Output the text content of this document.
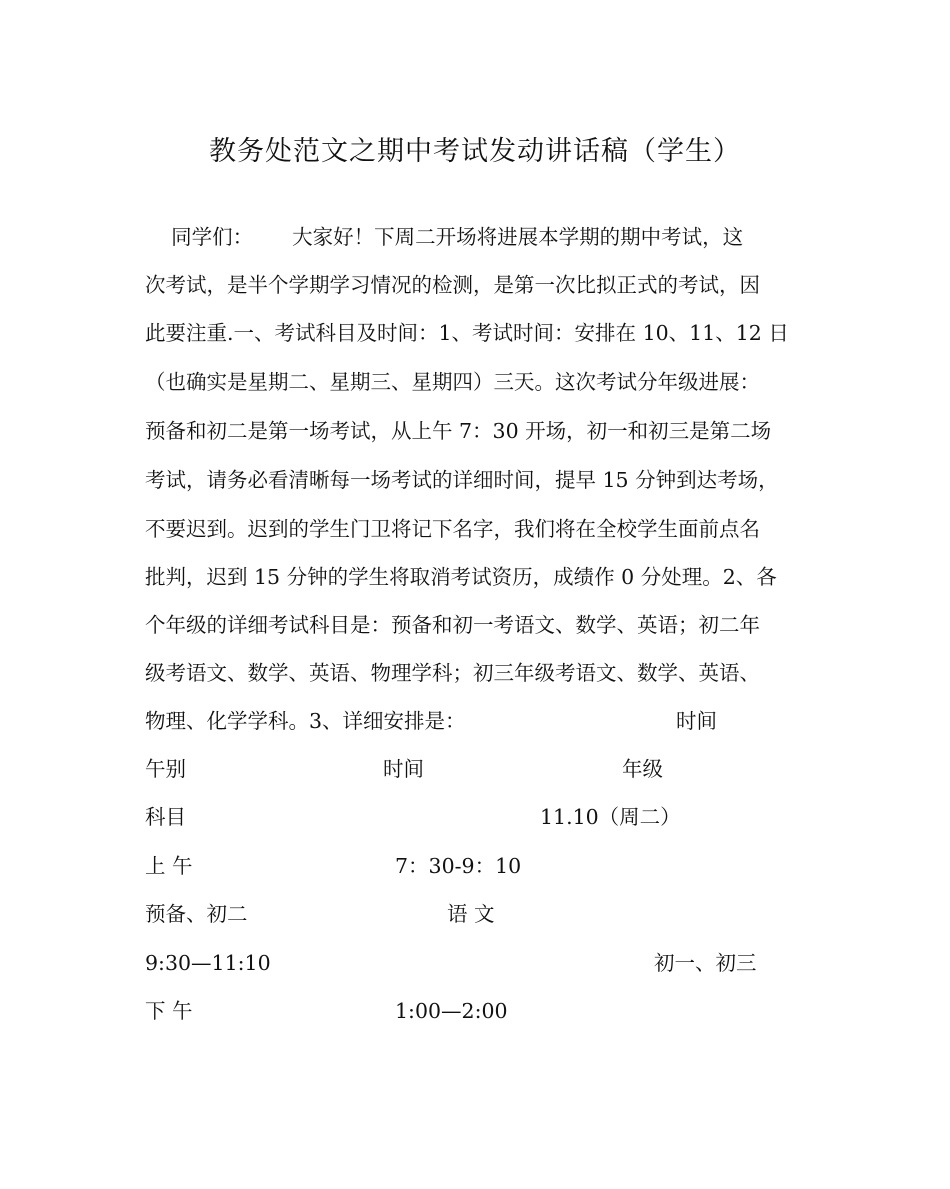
教务处范文之期中考试发动讲话稿（学生）
同学们：      大家好！下周二开场将进展本学期的期中考试，这
次考试，是半个学期学习情况的检测，是第一次比拟正式的考试，因
此要注重.一、考试科目及时间：1、考试时间：安排在 10、11、12 日
（也确实是星期二、星期三、星期四）三天。这次考试分年级进展：
预备和初二是第一场考试，从上午 7：30 开场，初一和初三是第二场
考试，请务必看清晰每一场考试的详细时间，提早 15 分钟到达考场，
不要迟到。迟到的学生门卫将记下名字，我们将在全校学生面前点名
批判，迟到 15 分钟的学生将取消考试资历，成绩作 0 分处理。2、各
个年级的详细考试科目是：预备和初一考语文、数学、英语；初二年
级考语文、数学、英语、物理学科；初三年级考语文、数学、英语、
物理、化学学科。3、详细安排是：	时间
午别	时间	年级
科目	11.10（周二）
上 午	7：30-9：10
预备、初二	语 文
9:30—11:10	初一、初三
下 午	1:00—2:00
